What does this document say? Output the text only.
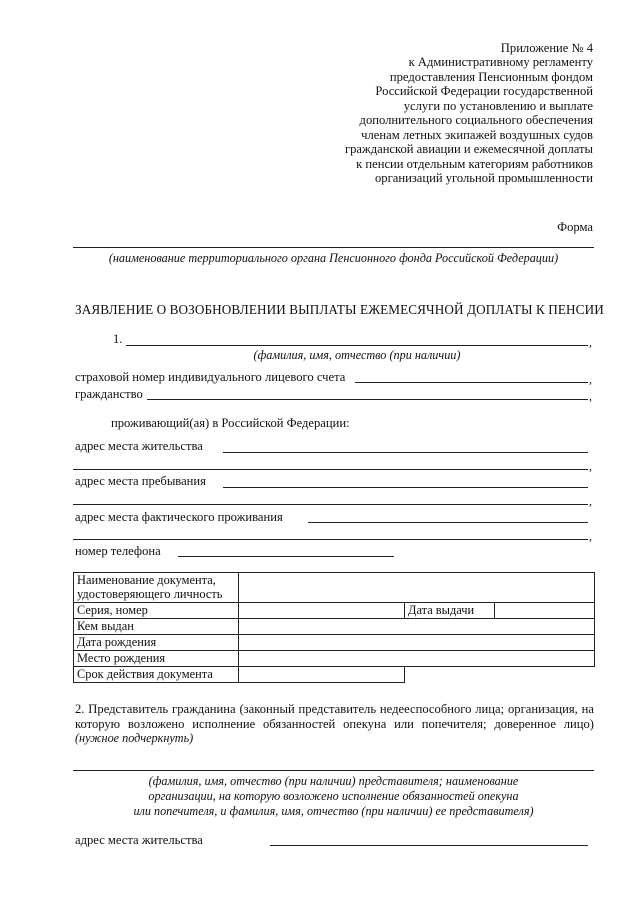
Приложение № 4
к Административному регламенту
предоставления Пенсионным фондом
Российской Федерации государственной
услуги по установлению и выплате
дополнительного социального обеспечения
членам летных экипажей воздушных судов
гражданской авиации и ежемесячной доплаты
к пенсии отдельным категориям работников
организаций угольной промышленности
Форма
(наименование территориального органа Пенсионного фонда Российской Федерации)
ЗАЯВЛЕНИЕ О ВОЗОБНОВЛЕНИИ ВЫПЛАТЫ ЕЖЕМЕСЯЧНОЙ ДОПЛАТЫ К ПЕНСИИ
1.	,
(фамилия, имя, отчество (при наличии)
страховой номер индивидуального лицевого счета	,
гражданство	,
проживающий(ая) в Российской Федерации:
адрес места жительства
,
адрес места пребывания
,
адрес места фактического проживания
,
номер телефона
Наименование документа, удостоверяющего личность			
Серия, номер		Дата выдачи	
Кем выдан			
Дата рождения			
Место рождения			
Срок действия документа			
2. Представитель гражданина (законный представитель недееспособного лица; организация, на которую возложено исполнение обязанностей опекуна или попечителя; доверенное лицо) (нужное подчеркнуть)
(фамилия, имя, отчество (при наличии) представителя; наименование
организации, на которую возложено исполнение обязанностей опекуна
или попечителя, и фамилия, имя, отчество (при наличии) ее представителя)
адрес места жительства
